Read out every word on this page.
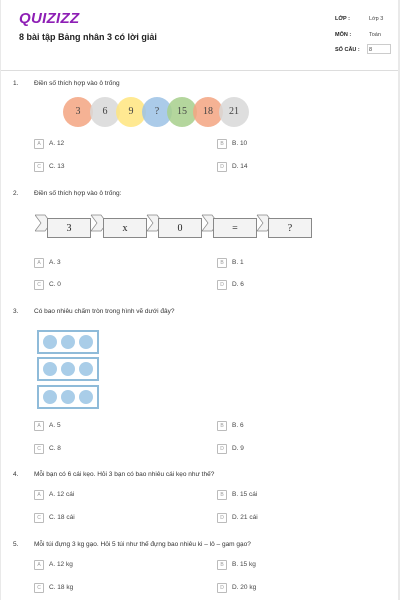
QUIZIZZ
8 bài tập Bảng nhân 3 có lời giải
LỚP :	Lớp 3
MÔN :	Toán
SỐ CÂU : 8
1. Điền số thích hợp vào ô trống
3	6	9	?	15	18	21
A	A. 12	B	B. 10
C	C. 13	D	D. 14
2. Điền số thích hợp vào ô trống:
3	x	0	=	?
A	A. 3	B	B. 1
C	C. 0	D	D. 6
3. Có bao nhiêu chấm tròn trong hình vẽ dưới đây?
A	A. 5	B	B. 6
C	C. 8	D	D. 9
4. Mỗi bạn có 6 cái kẹo. Hỏi 3 bạn có bao nhiêu cái kẹo như thế?
A	A. 12 cái	B	B. 15 cái
C	C. 18 cái	D	D. 21 cái
5. Mỗi túi đựng 3 kg gạo. Hỏi 5 túi như thế đựng bao nhiêu ki – lô – gam gạo?
A	A. 12 kg	B	B. 15 kg
C	C. 18 kg	D	D. 20 kg
